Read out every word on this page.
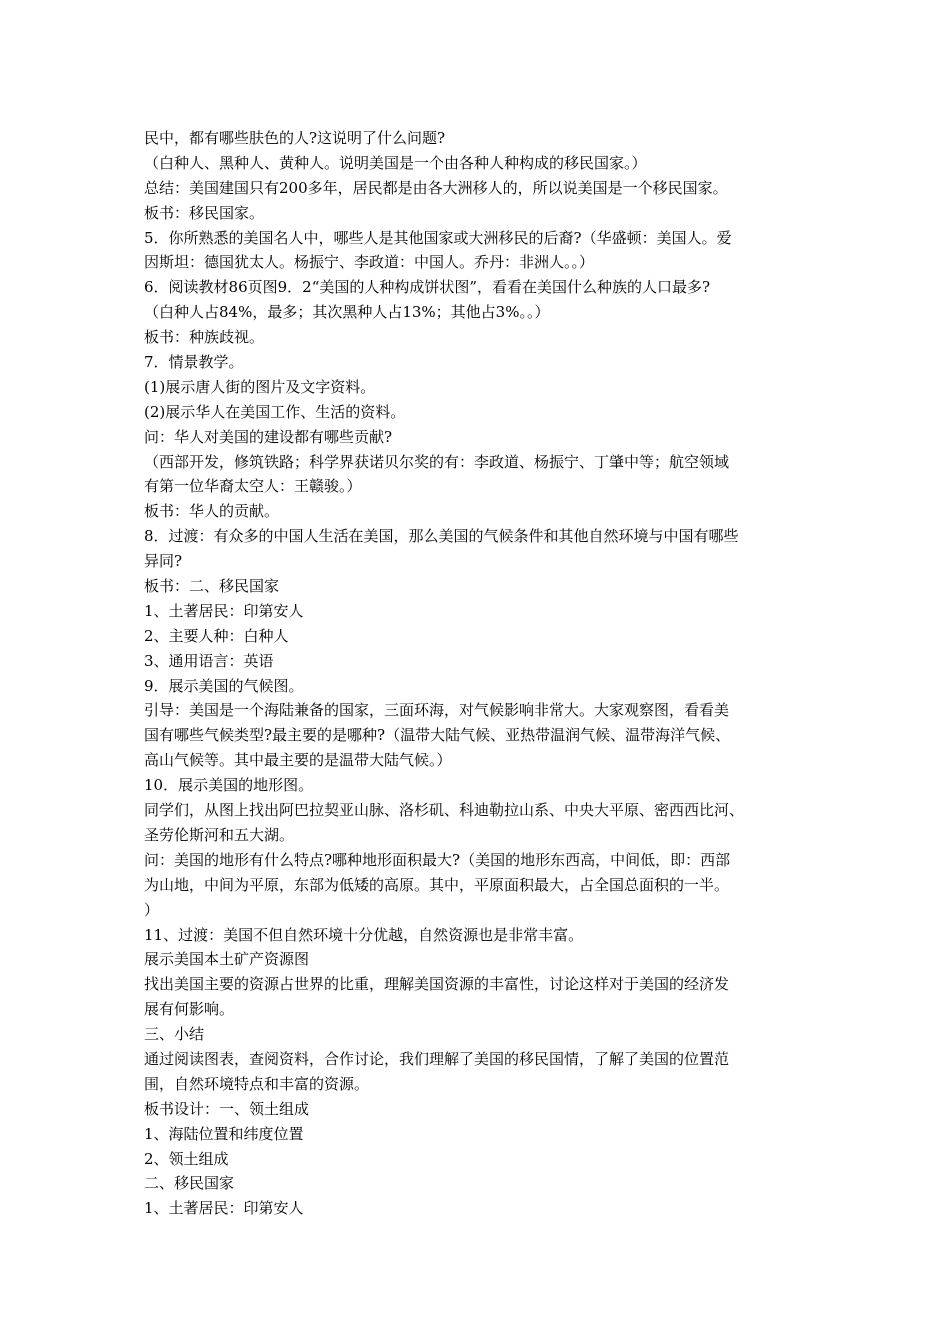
民中，都有哪些肤色的人?这说明了什么问题?
（白种人、黑种人、黄种人。说明美国是一个由各种人种构成的移民国家。）
总结：美国建国只有200多年，居民都是由各大洲移人的，所以说美国是一个移民国家。
板书：移民国家。
5．你所熟悉的美国名人中，哪些人是其他国家或大洲移民的后裔?（华盛顿：美国人。爱
因斯坦：德国犹太人。杨振宁、李政道：中国人。乔丹：非洲人。。）
6．阅读教材86页图9．2“美国的人种构成饼状图”，看看在美国什么种族的人口最多?
（白种人占84%，最多；其次黑种人占13%；其他占3%。。）
板书：种族歧视。
7．情景教学。
(1)展示唐人街的图片及文字资料。
(2)展示华人在美国工作、生活的资料。
问：华人对美国的建设都有哪些贡献?
（西部开发，修筑铁路；科学界获诺贝尔奖的有：李政道、杨振宁、丁肇中等；航空领域
有第一位华裔太空人：王赣骏。）
板书：华人的贡献。
8．过渡：有众多的中国人生活在美国，那么美国的气候条件和其他自然环境与中国有哪些
异同?
板书：二、移民国家
1、土著居民：印第安人
2、主要人种：白种人
3、通用语言：英语
9．展示美国的气候图。
引导：美国是一个海陆兼备的国家，三面环海，对气候影响非常大。大家观察图，看看美
国有哪些气候类型?最主要的是哪种?（温带大陆气候、亚热带温润气候、温带海洋气候、
高山气候等。其中最主要的是温带大陆气候。）
10．展示美国的地形图。
同学们，从图上找出阿巴拉契亚山脉、洛杉矶、科迪勒拉山系、中央大平原、密西西比河、
圣劳伦斯河和五大湖。
问：美国的地形有什么特点?哪种地形面积最大?（美国的地形东西高，中间低，即：西部
为山地，中间为平原，东部为低矮的高原。其中，平原面积最大，占全国总面积的一半。
）
11、过渡：美国不但自然环境十分优越，自然资源也是非常丰富。
展示美国本土矿产资源图
找出美国主要的资源占世界的比重，理解美国资源的丰富性，讨论这样对于美国的经济发
展有何影响。
三、小结
通过阅读图表，查阅资料，合作讨论，我们理解了美国的移民国情，了解了美国的位置范
围，自然环境特点和丰富的资源。
板书设计：一、领土组成
1、海陆位置和纬度位置
2、领土组成
二、移民国家
1、土著居民：印第安人
